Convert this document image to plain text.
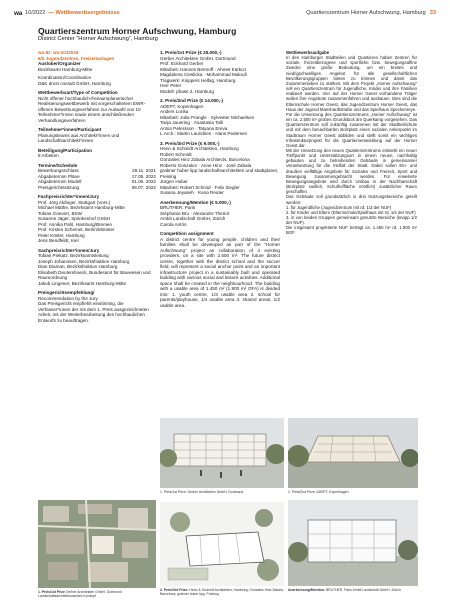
wa 10/2022 — Wettbewerbsergebnisse	Quartierszentrum Horner Aufschwung, Hamburg 33
Quartierszentrum Horner Aufschwung, Hamburg
District Center “Horner Aufschwung”, Hamburg
wa-ID: wa-2032518
6/5 Jugendzentren, Freizeitanlagen
Auslober/Organizer
Bezirksamt Hamburg-Mitte
Koordination/Coordination
D&K drost consult GmbH, Hamburg
Wettbewerbsart/Type of Competition
Nicht offener hochbaulich-freiraumplanerischer Realisierungswettbewerb mit vorgeschaltetem EWR-offenen Bewerbungsverfahren zur Auswahl von 10 Teilnehmer*innen sowie einem anschließenden Verhandlungsverfahren
Teilnehmer*innen/Participant
Planungsteams aus Architekt*innen und Landschaftsarchitekt*innen
Beteiligung/Participation
8 Arbeiten
Termine/Schedule
Bewerbungsschluss	29.11. 2021
Abgabetermin Pläne	17.05. 2022
Abgabetermin Modell	01.06. 2022
Preisgerichtssitzung	06.07. 2022
Fachpreisrichter*innen/Jury
Prof. Jörg Aldinger, Stuttgart (Vors.)
Michael Mathe, Bezirksamt Hamburg-Mitte
Tobias Goevert, BSW
Susanne Jäger, Sprinkenhof GmbH
Prof. Annika Pahl, Hamburg/Bremen
Prof. Kirsten Schemel, Berlin/Münster
Peter Köster, Hamburg
Jens Bendfeldt, Kiel
Sachpreisrichter*innen/Jury
Tobias Piekatz, Bezirksamtsleitung
Joseph Johannsen, Bezirksfraktion Hamburg
Dian Diaman, Bezirksfraktion Hamburg
Elisabeth Deutemboeck, Bundesamt für Bauwesen und Raumordnung
Jakob Lingener, Bezirksamt Hamburg-Mitte
Preisgerichtsempfehlung/
Recommendation by the Jury
Das Preisgericht empfiehlt einstimmig, die Verfasser*innen der mit dem 1. Preis ausgezeichneten Arbeit, mit der Weiterbearbeitung des hochbaulichen Entwurfs zu beauftragen.
1. Preis/1st Prize (€ 25.000,-)
Gerber Architekten GmbH, Dortmund
Prof. Eckhard Gerber
Mitarbeit: Hannes Bermoff · Ahmet Kürkcü
Magdalena Cieslicka · Mohammad Maloufi
Tragwerk: Knippers Helbig, Hamburg
Herr Peter
Modell: phase 2, Hamburg
2. Preis/2nd Prize (€ 14.000,-)
ADEPT, Kopenhagen
Anders Lonka
Mitarbeit: Julia Prangle · Sylvester Michaelsen
Tanja Jauering · Anastasia Talli
Anton Petersson · Tatyana Ereva
L.Arch.: Martin Lauridsen · Hans Pedersen
3. Preis/3rd Prize (€ 9.000,-)
Henn & Schmidt Architekten, Hamburg
Robert Schmidt
Gonzales Hinz Zabala Architects, Barcelona
Roberto Gonzalez · Anne Hinz · José Zabala
grabner huber lipp landschaftsarchitekten und stadtplaner, Freising
Jürgen Huber
Mitarbeit: Robert Schmid · Felix Ziegler
Susana Jeyaseh · Kena Reuter
Anerkennung/Mention (€ 5.000,-)
BRUTHER, Paris
Stéphanie Bru · Alexandre Theriot
Ambit Landschaft GmbH, Zürich
Carola Antón
Competition assignment
A district centre for young people, children and their families shall be developed as part of the “Horner Aufschwung” project as collaboration of 4 existing providers, on a site with 2.500 m². The future district centre, together with the district school and the soccer field, will represent a social anchor point and an important infrastructure project in a sustainably built and operated building with various social and leisure activities. Additional space shall be created in the neighbourhood. The building with a usable area of 1.450 m² (1.900 m² GFA) is divided into: 1. youth centre, 1/3 usable area 2. school for parents/playhouse, 1/4 usable area 3. shared areas, 1/2 usable area.
Wettbewerbsaufgabe
In den Hamburger Stadtteilen und Quartieren haben Zentren für soziale, freizeitbezogene und sportliche bzw. bewegungsaffine Zwecke eine große Bedeutung, um ein breites und niedrigschwelliges Angebot für alle gesellschaftlichen Bevölkerungsgruppen bieten zu können und damit das Zusammenleben zu stärken. Mit dem Projekt „Horner Aufschwung“ soll ein Quartierszentrum für Jugendliche, Kinder und ihre Familien realisiert werden. Vier auf der Horner Geest vorhandene Träger wollen ihre Angebote zusammenführen und ausbauen. Dies sind die Elternschule Horner Geest, das Jugendzentrum Horner Geest, das Haus der Jugend Manshardtstraße und das Spielhaus Speckenreye.
Für die Umsetzung des Quartierszentrums „Horner Aufschwung“ ist ein ca. 2.500 m² großes Grundstück am Querkamp vorgesehen. Das Quartierszentrum soll zukünftig zusammen mit der Stadtteilschule und mit dem benachbarten Bolzplatz einen sozialen Ankerpunkt im Stadtraum Horner Geest abbilden und stellt somit ein wichtiges Infrastrukturprojekt für die Quartiersentwicklung auf der Horner Geest dar.
Mit der Umsetzung des neuen Quartierszentrums entsteht ein neuer Treffpunkt und Unterstützungsort in einem neuen, nachhaltig gebauten und zu betreibenden Gebäude in gemeinsamer Verantwortung für die Vielfalt der Stadt. Dabei sollen Ein- und draußen vielfältige Angebote für Soziales und Freizeit, Sport und Bewegung zusammengebracht werden. Für erweiterte Bewegungsangebote wird durch Umbau in der Nachbarschaft (Bolzplatz sudlich, Schulhoffläche nördlich) zusätzlicher Raum geschaffen.
Das Gebäude soll grundsätzlich in drei Nutzungsbereiche geteilt werden:
1. für Jugendliche (Jugendzentrum mit rd. 1/3 der NUF)
2. für Kinder und Eltern (Elternschule/Spielhaus mit rd. 1/4 der NUF)
3. in von beiden Gruppen gemeinsam genutzte Bereiche (knapp 1/2 der NUF).
Die insgesamt projektierte NUF beträgt ca. 1.450 m² rd. 1.900 m² BGF.
1. Preis/1st Prize: Gerber Architekten GmbH, Dortmund	2. Preis/2nd Prize: ADEPT, Kopenhagen
1. Preis/1st Prize Gerber Architekten GmbH, Dortmund Landschaftsarchitektonisches Konzept
3. Preis/3rd Prize: Henn & Schmidt Architekten, Hamburg; Gonzales Hinz Zabala, Barcelona; grabner huber lipp, Freising
Anerkennung/Mention: BRUTHER, Paris Ambit Landschaft GmbH, Zürich
